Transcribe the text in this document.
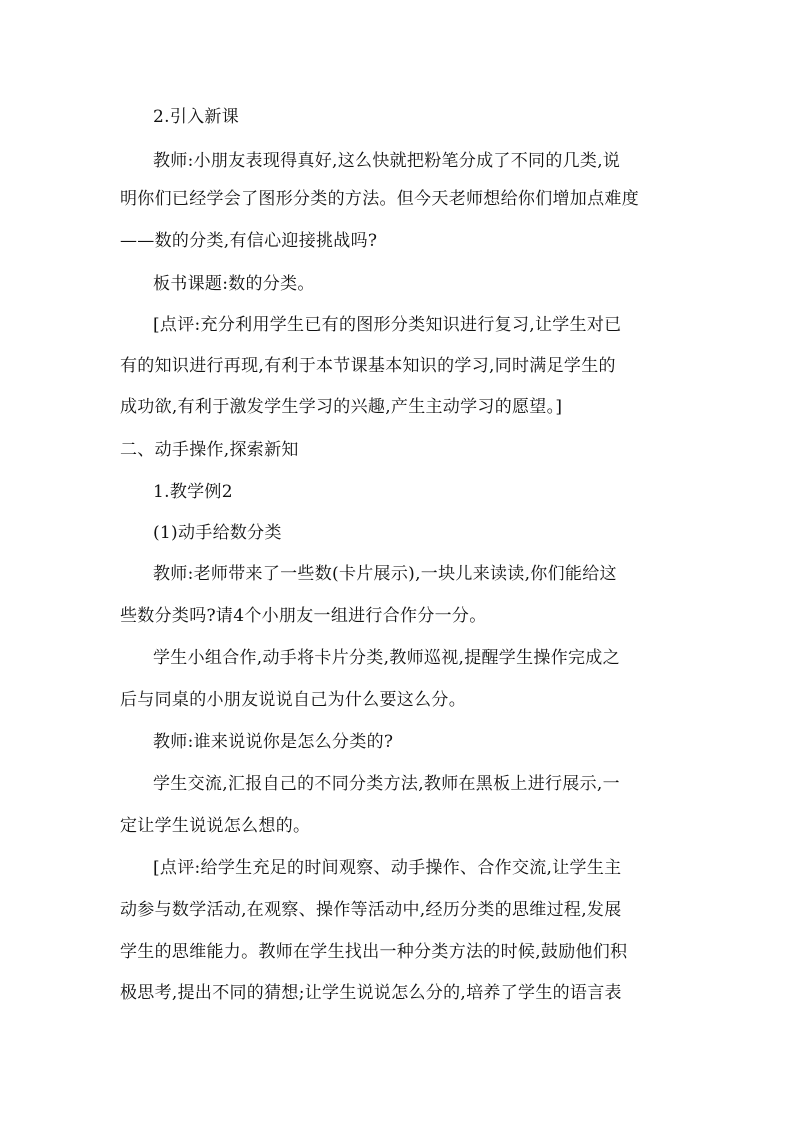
2.引入新课
教师:小朋友表现得真好,这么快就把粉笔分成了不同的几类,说
明你们已经学会了图形分类的方法。但今天老师想给你们增加点难度
——数的分类,有信心迎接挑战吗?
板书课题:数的分类。
[点评:充分利用学生已有的图形分类知识进行复习,让学生对已
有的知识进行再现,有利于本节课基本知识的学习,同时满足学生的
成功欲,有利于激发学生学习的兴趣,产生主动学习的愿望。]
二、动手操作,探索新知
1.教学例2
(1)动手给数分类
教师:老师带来了一些数(卡片展示),一块儿来读读,你们能给这
些数分类吗?请4个小朋友一组进行合作分一分。
学生小组合作,动手将卡片分类,教师巡视,提醒学生操作完成之
后与同桌的小朋友说说自己为什么要这么分。
教师:谁来说说你是怎么分类的?
学生交流,汇报自己的不同分类方法,教师在黑板上进行展示,一
定让学生说说怎么想的。
[点评:给学生充足的时间观察、动手操作、合作交流,让学生主
动参与数学活动,在观察、操作等活动中,经历分类的思维过程,发展
学生的思维能力。教师在学生找出一种分类方法的时候,鼓励他们积
极思考,提出不同的猜想;让学生说说怎么分的,培养了学生的语言表
